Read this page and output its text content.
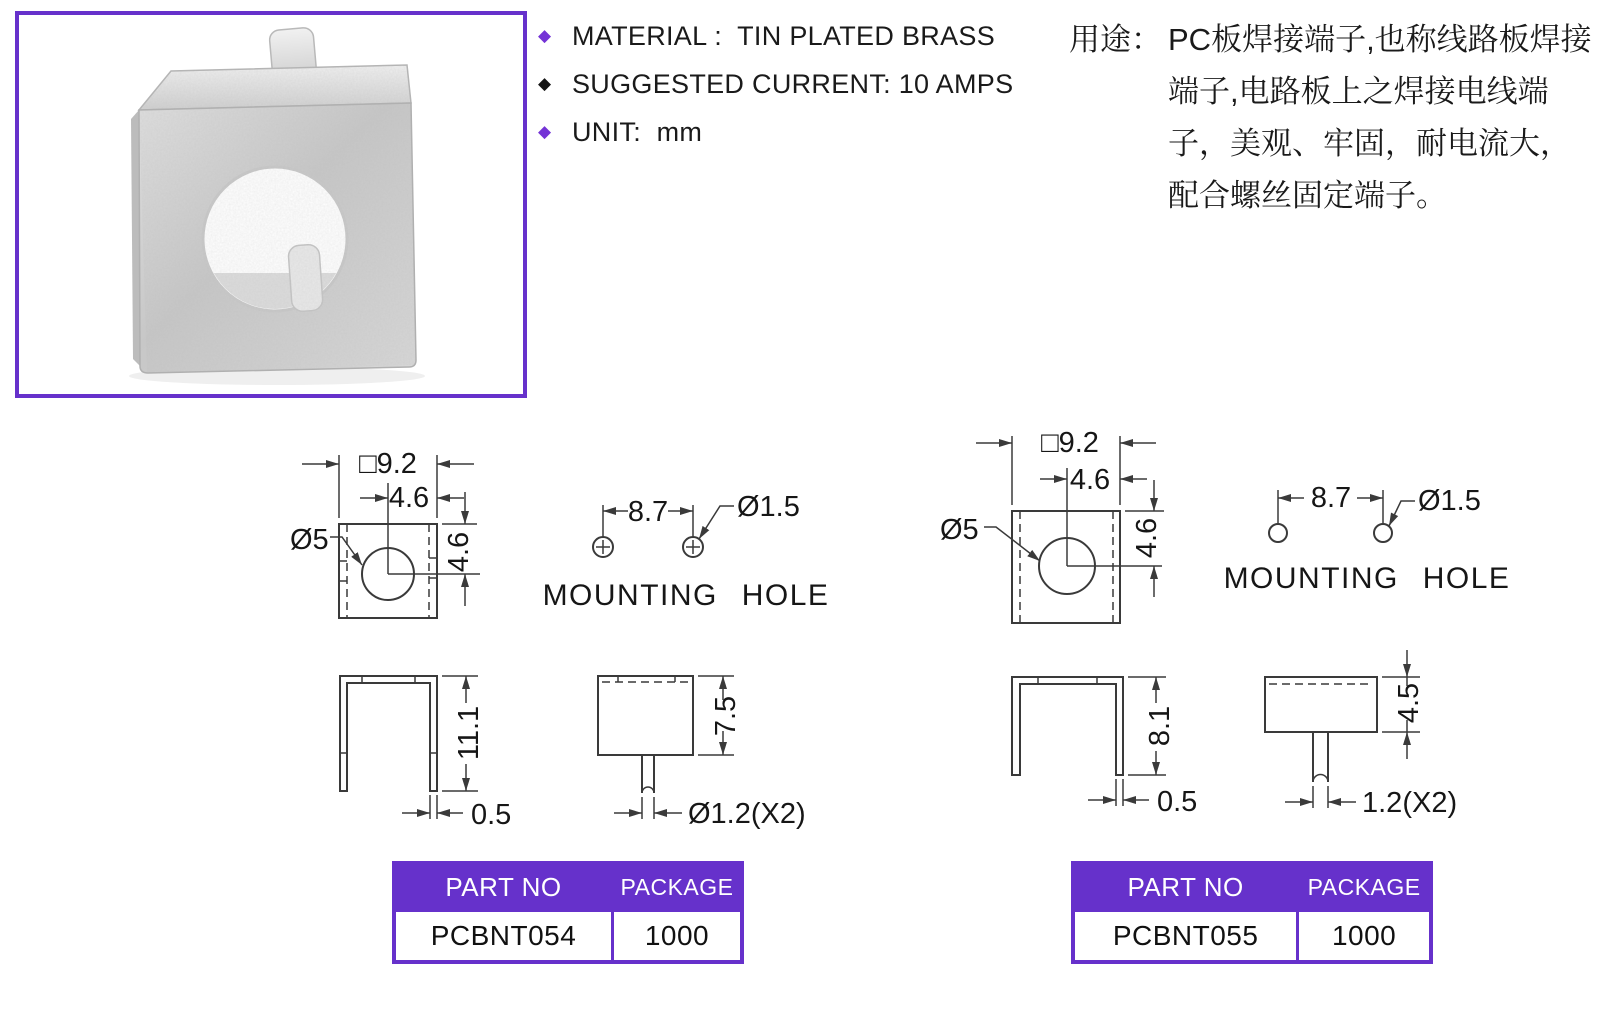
◆ MATERIAL :  TIN PLATED BRASS
◆ SUGGESTED CURRENT: 10 AMPS
◆ UNIT:  mm
用途： PC板焊接端子,也称线路板焊接
端子,电路板上之焊接电线端
子，美观、牢固，耐电流大，
配合螺丝固定端子。
□9.2
4.6
4.6
Ø5
8.7 Ø1.5
MOUNTING HOLE
11.1
0.5
7.5
Ø1.2(X2)
□9.2
4.6
4.6
Ø5
8.7 Ø1.5
MOUNTING HOLE
8.1
0.5
4.5
1.2(X2)
PART NO	PACKAGE
PCBNT054	1000
PART NO	PACKAGE
PCBNT055	1000
